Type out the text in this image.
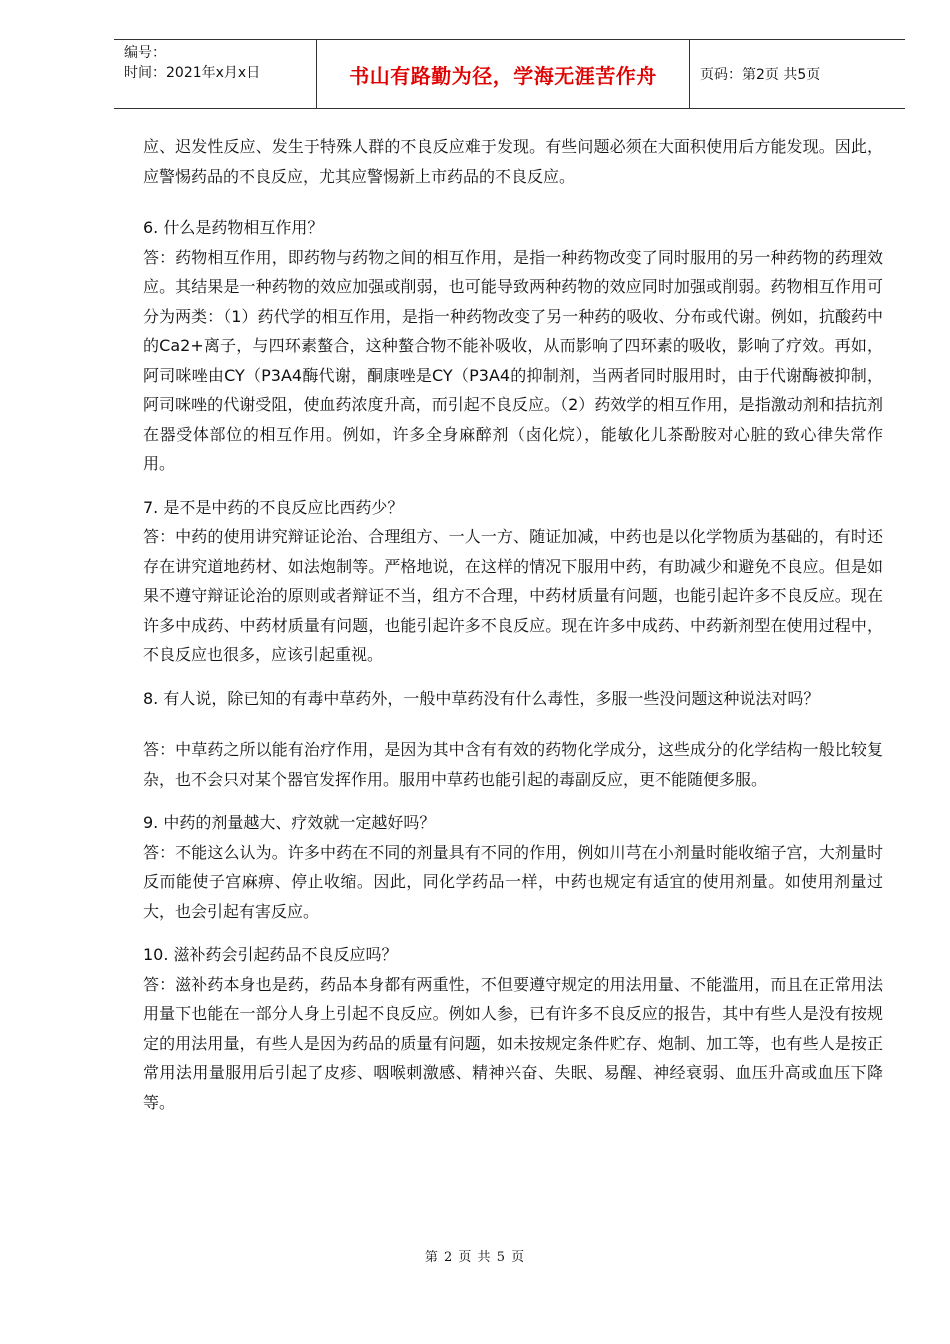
编号：
时间：2021年x月x日	书山有路勤为径，学海无涯苦作舟	页码：第2页 共5页

应、迟发性反应、发生于特殊人群的不良反应难于发现。有些问题必须在大面积使用后方能发现。因此，应警惕药品的不良反应，尤其应警惕新上市药品的不良反应。

6. 什么是药物相互作用？

答：药物相互作用，即药物与药物之间的相互作用，是指一种药物改变了同时服用的另一种药物的药理效应。其结果是一种药物的效应加强或削弱，也可能导致两种药物的效应同时加强或削弱。药物相互作用可分为两类：（1）药代学的相互作用，是指一种药物改变了另一种药的吸收、分布或代谢。例如，抗酸药中的Ca2+离子，与四环素螯合，这种螯合物不能补吸收，从而影响了四环素的吸收，影响了疗效。再如，阿司咪唑由CY（P3A4酶代谢，酮康唑是CY（P3A4的抑制剂，当两者同时服用时，由于代谢酶被抑制，阿司咪唑的代谢受阻，使血药浓度升高，而引起不良反应。（2）药效学的相互作用，是指激动剂和拮抗剂在器受体部位的相互作用。例如，许多全身麻醉剂（卤化烷），能敏化儿茶酚胺对心脏的致心律失常作用。

7. 是不是中药的不良反应比西药少？

答：中药的使用讲究辩证论治、合理组方、一人一方、随证加减，中药也是以化学物质为基础的，有时还存在讲究道地药材、如法炮制等。严格地说，在这样的情况下服用中药，有助减少和避免不良应。但是如果不遵守辩证论治的原则或者辩证不当，组方不合理，中药材质量有问题，也能引起许多不良反应。现在许多中成药、中药材质量有问题，也能引起许多不良反应。现在许多中成药、中药新剂型在使用过程中，不良反应也很多，应该引起重视。

8. 有人说，除已知的有毒中草药外，一般中草药没有什么毒性，多服一些没问题这种说法对吗？

答：中草药之所以能有治疗作用，是因为其中含有有效的药物化学成分，这些成分的化学结构一般比较复杂，也不会只对某个器官发挥作用。服用中草药也能引起的毒副反应，更不能随便多服。

9. 中药的剂量越大、疗效就一定越好吗？

答：不能这么认为。许多中药在不同的剂量具有不同的作用，例如川芎在小剂量时能收缩子宫，大剂量时反而能使子宫麻痹、停止收缩。因此，同化学药品一样，中药也规定有适宜的使用剂量。如使用剂量过大，也会引起有害反应。

10. 滋补药会引起药品不良反应吗？

答：滋补药本身也是药，药品本身都有两重性，不但要遵守规定的用法用量、不能滥用，而且在正常用法用量下也能在一部分人身上引起不良反应。例如人参，已有许多不良反应的报告，其中有些人是没有按规定的用法用量，有些人是因为药品的质量有问题，如未按规定条件贮存、炮制、加工等，也有些人是按正常用法用量服用后引起了皮疹、咽喉刺激感、精神兴奋、失眠、易醒、神经衰弱、血压升高或血压下降等。

第 2 页 共 5 页
